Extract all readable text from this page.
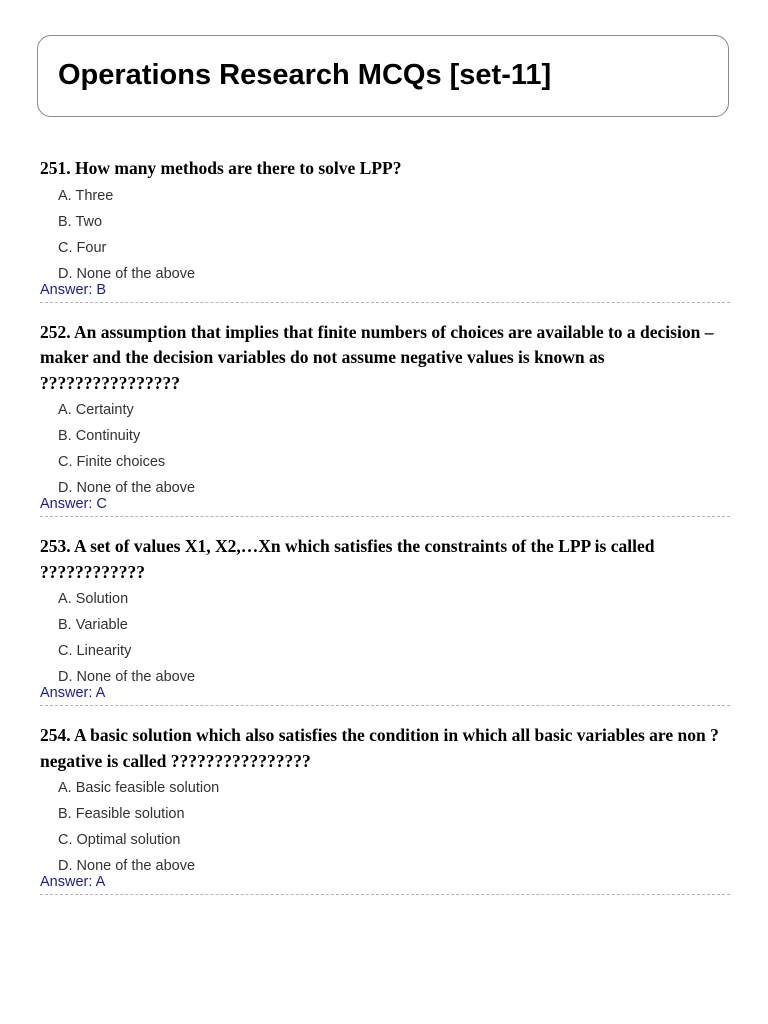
Operations Research MCQs [set-11]

251. How many methods are there to solve LPP?

A. Three
B. Two
C. Four
D. None of the above
Answer: B

252. An assumption that implies that finite numbers of choices are available to a decision – maker and the decision variables do not assume negative values is known as ????????????????

A. Certainty
B. Continuity
C. Finite choices
D. None of the above
Answer: C

253. A set of values X1, X2,…Xn which satisfies the constraints of the LPP is called ????????????

A. Solution
B. Variable
C. Linearity
D. None of the above
Answer: A

254. A basic solution which also satisfies the condition in which all basic variables are non ? negative is called ????????????????

A. Basic feasible solution
B. Feasible solution
C. Optimal solution
D. None of the above
Answer: A
